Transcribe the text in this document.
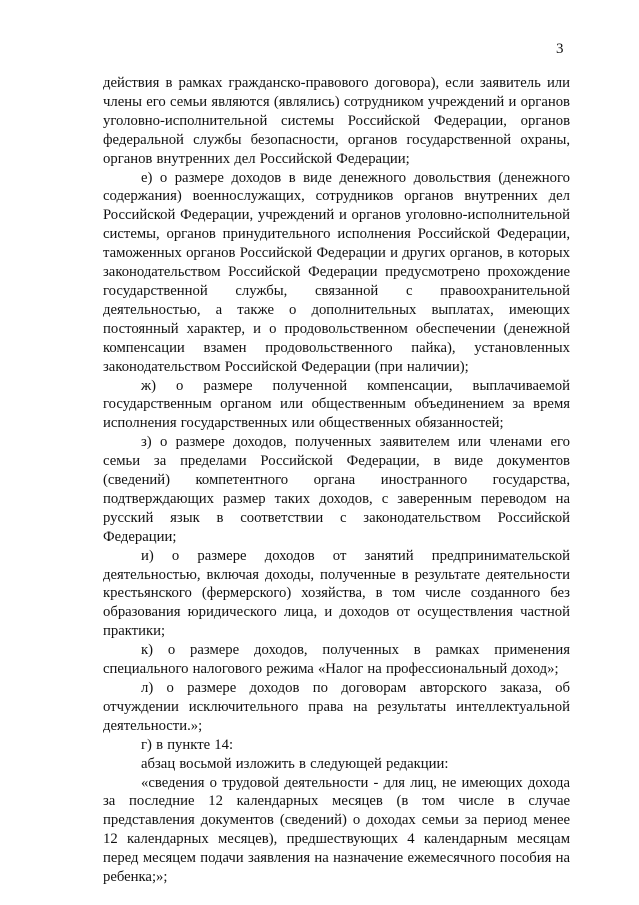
3

действия в рамках гражданско-правового договора), если заявитель или члены его семьи являются (являлись) сотрудником учреждений и органов уголовно-исполнительной системы Российской Федерации, органов федеральной службы безопасности, органов государственной охраны, органов внутренних дел Российской Федерации;

е) о размере доходов в виде денежного довольствия (денежного содержания) военнослужащих, сотрудников органов внутренних дел Российской Федерации, учреждений и органов уголовно-исполнительной системы, органов принудительного исполнения Российской Федерации, таможенных органов Российской Федерации и других органов, в которых законодательством Российской Федерации предусмотрено прохождение государственной службы, связанной с правоохранительной деятельностью, а также о дополнительных выплатах, имеющих постоянный характер, и о продовольственном обеспечении (денежной компенсации взамен продовольственного пайка), установленных законодательством Российской Федерации (при наличии);

ж) о размере полученной компенсации, выплачиваемой государственным органом или общественным объединением за время исполнения государственных или общественных обязанностей;

з) о размере доходов, полученных заявителем или членами его семьи за пределами Российской Федерации, в виде документов (сведений) компетентного органа иностранного государства, подтверждающих размер таких доходов, с заверенным переводом на русский язык в соответствии с законодательством Российской Федерации;

и) о размере доходов от занятий предпринимательской деятельностью, включая доходы, полученные в результате деятельности крестьянского (фермерского) хозяйства, в том числе созданного без образования юридического лица, и доходов от осуществления частной практики;

к) о размере доходов, полученных в рамках применения специального налогового режима «Налог на профессиональный доход»;

л) о размере доходов по договорам авторского заказа, об отчуждении исключительного права на результаты интеллектуальной деятельности.»;

г) в пункте 14:

абзац восьмой изложить в следующей редакции:

«сведения о трудовой деятельности - для лиц, не имеющих дохода за последние 12 календарных месяцев (в том числе в случае представления документов (сведений) о доходах семьи за период менее 12 календарных месяцев), предшествующих 4 календарным месяцам перед месяцем подачи заявления на назначение ежемесячного пособия на ребенка;»;
